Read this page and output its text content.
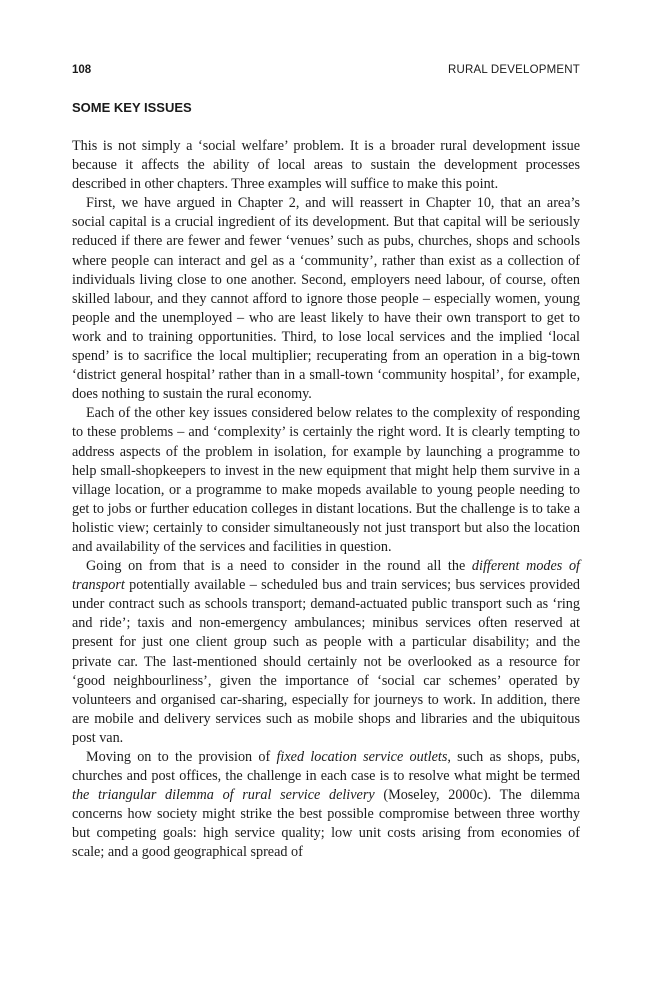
108	RURAL DEVELOPMENT
SOME KEY ISSUES

This is not simply a ‘social welfare’ problem. It is a broader rural development issue because it affects the ability of local areas to sustain the development processes described in other chapters. Three examples will suffice to make this point.

First, we have argued in Chapter 2, and will reassert in Chapter 10, that an area’s social capital is a crucial ingredient of its development. But that capital will be seriously reduced if there are fewer and fewer ‘venues’ such as pubs, churches, shops and schools where people can interact and gel as a ‘community’, rather than exist as a collection of individuals living close to one another. Second, employers need labour, of course, often skilled labour, and they cannot afford to ignore those people – especially women, young people and the unemployed – who are least likely to have their own transport to get to work and to training opportunities. Third, to lose local services and the implied ‘local spend’ is to sacrifice the local multiplier; recuperating from an operation in a big-town ‘district general hospital’ rather than in a small-town ‘community hospital’, for example, does nothing to sustain the rural economy.

Each of the other key issues considered below relates to the complexity of responding to these problems – and ‘complexity’ is certainly the right word. It is clearly tempting to address aspects of the problem in isolation, for example by launching a programme to help small-shopkeepers to invest in the new equipment that might help them survive in a village location, or a programme to make mopeds available to young people needing to get to jobs or further education colleges in distant locations. But the challenge is to take a holistic view; certainly to consider simultaneously not just transport but also the location and availability of the services and facilities in question.

Going on from that is a need to consider in the round all the different modes of transport potentially available – scheduled bus and train services; bus services provided under contract such as schools transport; demand-actuated public transport such as ‘ring and ride’; taxis and non-emergency ambulances; minibus services often reserved at present for just one client group such as people with a particular disability; and the private car. The last-mentioned should certainly not be overlooked as a resource for ‘good neighbourliness’, given the importance of ‘social car schemes’ operated by volunteers and organised car-sharing, especially for journeys to work. In addition, there are mobile and delivery services such as mobile shops and libraries and the ubiquitous post van.

Moving on to the provision of fixed location service outlets, such as shops, pubs, churches and post offices, the challenge in each case is to resolve what might be termed the triangular dilemma of rural service delivery (Moseley, 2000c). The dilemma concerns how society might strike the best possible compromise between three worthy but competing goals: high service quality; low unit costs arising from economies of scale; and a good geographical spread of
